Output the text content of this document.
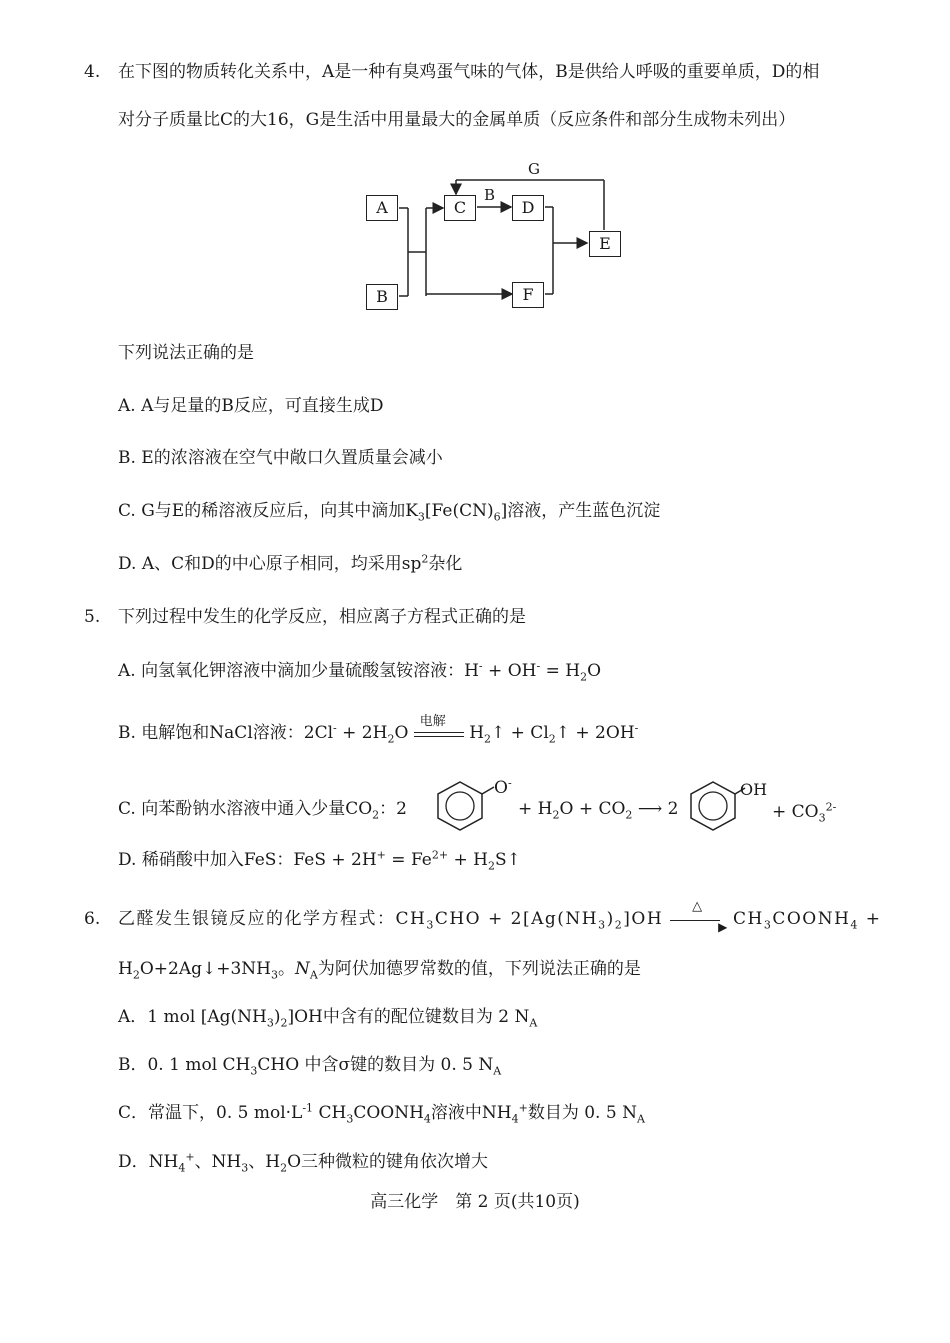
4. 在下图的物质转化关系中，A是一种有臭鸡蛋气味的气体，B是供给人呼吸的重要单质，D的相
对分子质量比C的大16，G是生活中用量最大的金属单质（反应条件和部分生成物未列出）
A
B
C	D
F
E
G
B
下列说法正确的是
A. A与足量的B反应，可直接生成D
B. E的浓溶液在空气中敞口久置质量会减小
C. G与E的稀溶液反应后，向其中滴加$K_3[Fe(CN)_6]$溶液，产生蓝色沉淀
D. A、C和D的中心原子相同，均采用$sp^2$杂化
5. 下列过程中发生的化学反应，相应离子方程式正确的是
A. 向氢氧化钾溶液中滴加少量硫酸氢铵溶液：$H^- + OH^- = H_2O$
B. 电解饱和NaCl溶液：$2Cl^- + 2H_2O$
电解
$H_2↑$ + $Cl_2↑ + 2OH^-$
C. 向苯酚钠水溶液中通入少量$CO_2$：2
O-
+ $H_2O + CO_2$ ⟶ 2
OH
+ $CO_3^{2-}$
D. 稀硝酸中加入FeS：FeS + $2H^+ = Fe^{2+}$ + $H_2S↑$
6. 乙醛发生银镜反应的化学方程式：$CH_3CHO + 2[Ag(NH_3)_2]OH$
△
▶ $CH_3COONH_4$ +
$H_2O+2Ag↓+3NH_3$。$N_A$为阿伏加德罗常数的值，下列说法正确的是
A．1 mol $[Ag(NH_3)_2]OH$中含有的配位键数目为 2 $N_A$
B．0. 1 mol $CH_3CHO$ 中含σ键的数目为 0. 5 $N_A$
C．常温下，0. 5 $mol\cdot L^{-1}$ $CH_3COONH_4$溶液中$NH_4^+$数目为 0. 5 $N_A$
D．$NH_4^+$、$NH_3$、$H_2O$三种微粒的键角依次增大
高三化学　第 2 页(共10页)
